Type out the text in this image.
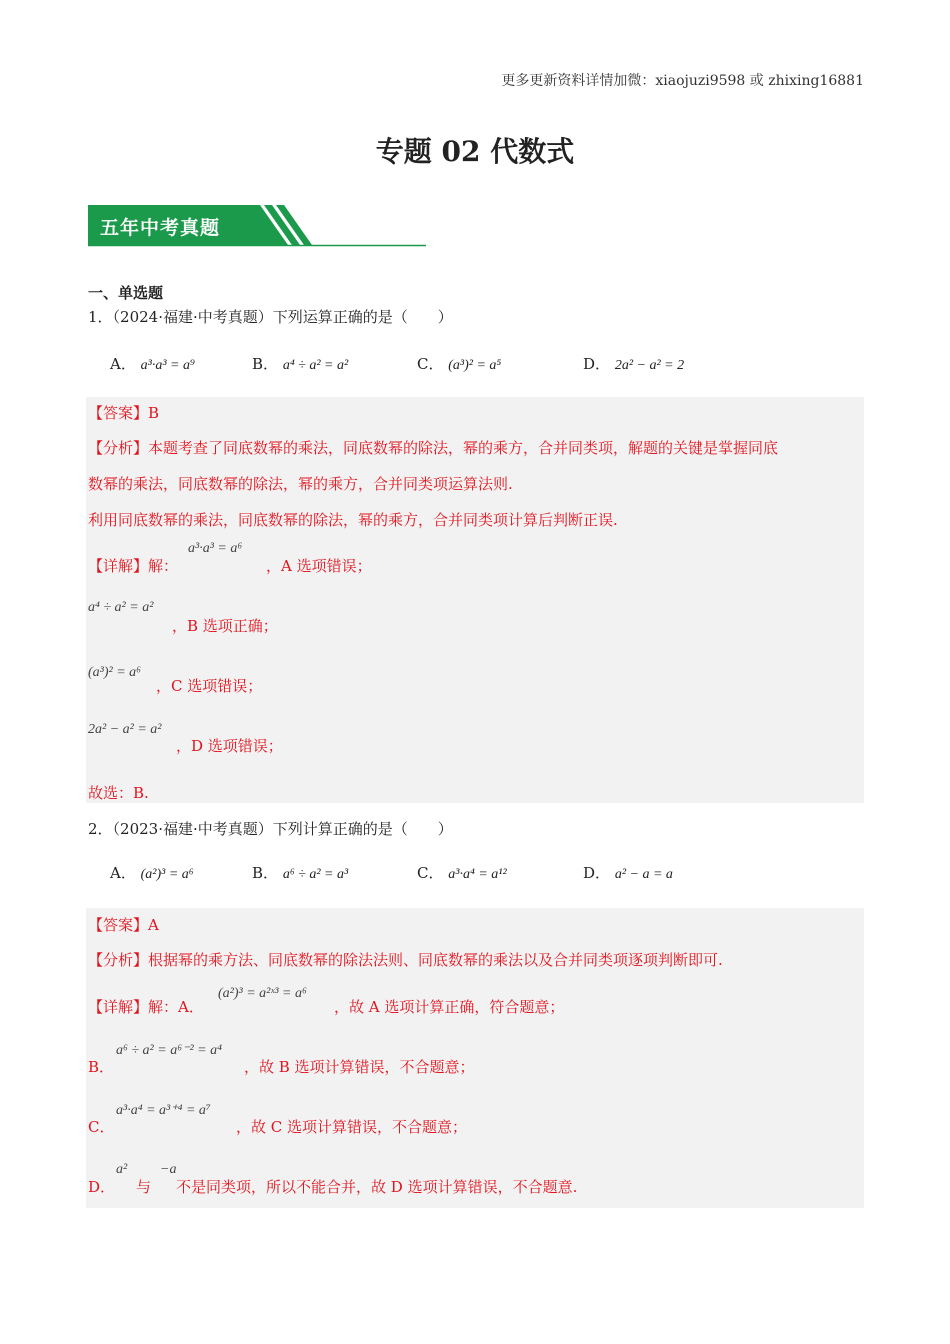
更多更新资料详情加微：xiaojuzi9598 或 zhixing16881
专题 02 代数式
五年中考真题
一、单选题
1．（2024·福建·中考真题）下列运算正确的是（　　）
A． a³·a³ = a⁹	B． a⁴ ÷ a² = a²	C． (a³)² = a⁵	D． 2a² − a² = 2
【答案】B
【分析】本题考查了同底数幂的乘法，同底数幂的除法，幂的乘方，合并同类项，解题的关键是掌握同底
数幂的乘法，同底数幂的除法，幂的乘方，合并同类项运算法则.
利用同底数幂的乘法，同底数幂的除法，幂的乘方，合并同类项计算后判断正误.
【详解】解：
a³·a³ = a⁶
，A 选项错误；
a⁴ ÷ a² = a²
，B 选项正确；
(a³)² = a⁶
，C 选项错误；
2a² − a² = a²
，D 选项错误；
故选：B.
2．（2023·福建·中考真题）下列计算正确的是（　　）
A． (a²)³ = a⁶	B． a⁶ ÷ a² = a³	C． a³·a⁴ = a¹²	D． a² − a = a
【答案】A
【分析】根据幂的乘方法、同底数幂的除法法则、同底数幂的乘法以及合并同类项逐项判断即可.
【详解】解：A．
(a²)³ = a²ˣ³ = a⁶
，故 A 选项计算正确，符合题意；
B．
a⁶ ÷ a² = a⁶⁻² = a⁴
，故 B 选项计算错误，不合题意；
C．
a³·a⁴ = a³⁺⁴ = a⁷
，故 C 选项计算错误，不合题意；
D．
a²
与
−a
不是同类项，所以不能合并，故 D 选项计算错误，不合题意.
